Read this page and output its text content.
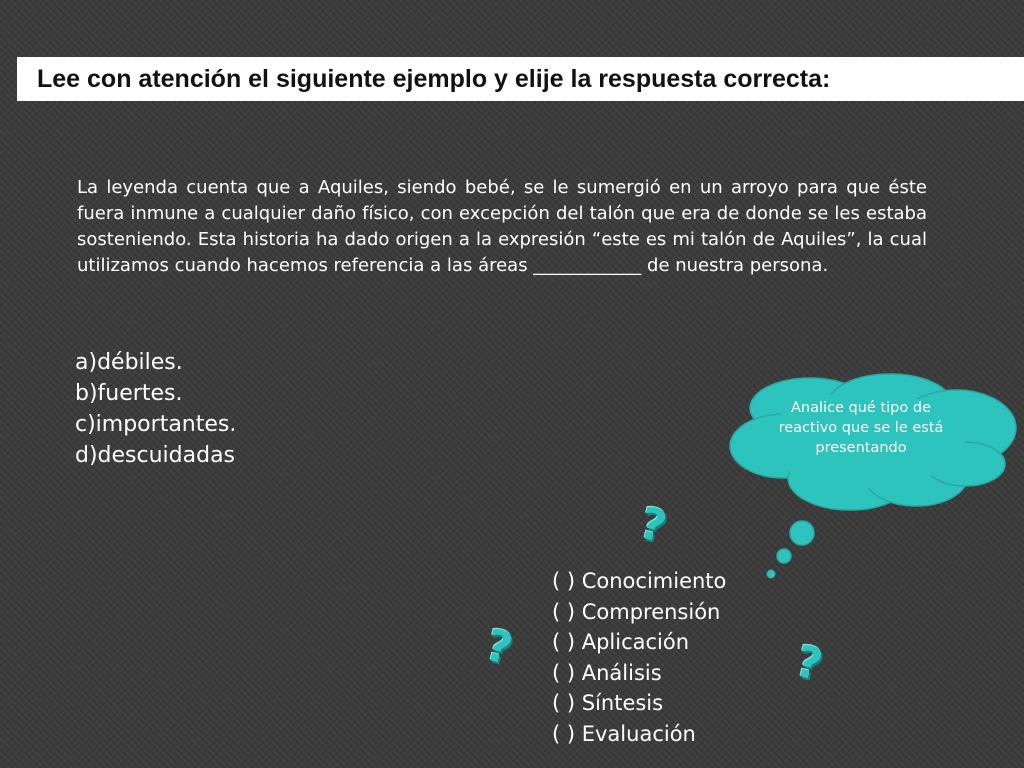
Lee con atención el siguiente ejemplo y elije la respuesta correcta:

La leyenda cuenta que a Aquiles, siendo bebé, se le sumergió en un arroyo para que éste fuera inmune a cualquier daño físico, con excepción del talón que era de donde se les estaba sosteniendo. Esta historia ha dado origen a la expresión “este es mi talón de Aquiles”, la cual utilizamos cuando hacemos referencia a las áreas ____________ de nuestra persona.

a)débiles.
b)fuertes.
c)importantes.
d)descuidadas
Analice qué tipo de reactivo que se le está presentando
?
?	?
( ) Conocimiento
( ) Comprensión
( ) Aplicación
( ) Análisis
( ) Síntesis
( ) Evaluación
